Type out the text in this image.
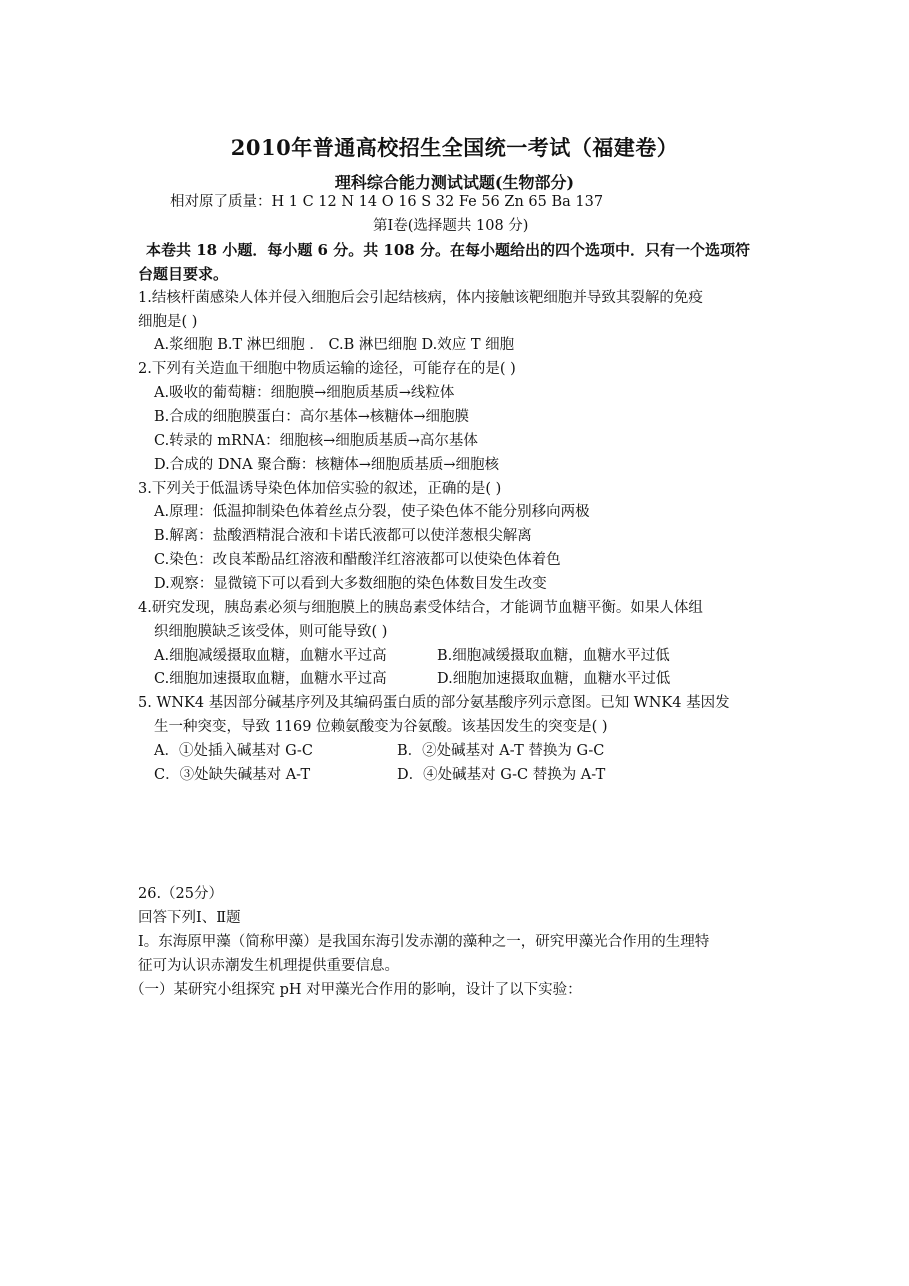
2010年普通高校招生全国统一考试（福建卷）
理科综合能力测试试题(生物部分)
相对原了质量：H 1 C 12 N 14 O 16 S 32 Fe 56 Zn 65 Ba 137
第Ⅰ卷(选择题共 108 分)
本卷共 18 小题．每小题 6 分。共 108 分。在每小题给出的四个选项中．只有一个选项符
台题目要求。
1.结核杆菌感染人体并侵入细胞后会引起结核病，体内接触该靶细胞并导致其裂解的免疫
细胞是( )
A.浆细胞 B.T 淋巴细胞 ． C.B 淋巴细胞 D.效应 T 细胞
2.下列有关造血干细胞中物质运输的途径，可能存在的是( )
A.吸收的葡萄糖：细胞膜→细胞质基质→线粒体
B.合成的细胞膜蛋白：高尔基体→核糖体→细胞膜
C.转录的 mRNA：细胞核→细胞质基质→高尔基体
D.合成的 DNA 聚合酶：核糖体→细胞质基质→细胞核
3.下列关于低温诱导染色体加倍实验的叙述，正确的是( )
A.原理：低温抑制染色体着丝点分裂，使子染色体不能分别移向两极
B.解离：盐酸酒精混合液和卡诺氏液都可以使洋葱根尖解离
C.染色：改良苯酚品红溶液和醋酸洋红溶液都可以使染色体着色
D.观察：显微镜下可以看到大多数细胞的染色体数目发生改变
4.研究发现，胰岛素必须与细胞膜上的胰岛素受体结合，才能调节血糖平衡。如果人体组
织细胞膜缺乏该受体，则可能导致( )
A.细胞减缓摄取血糖，血糖水平过高	B.细胞减缓摄取血糖，血糖水平过低
C.细胞加速摄取血糖，血糖水平过高	D.细胞加速摄取血糖，血糖水平过低
5. WNK4 基因部分碱基序列及其编码蛋白质的部分氨基酸序列示意图。已知 WNK4 基因发
生一种突变，导致 1169 位赖氨酸变为谷氨酸。该基因发生的突变是( )
A．①处插入碱基对 G-C	B．②处碱基对 A-T 替换为 G-C
C．③处缺失碱基对 A-T	D．④处碱基对 G-C 替换为 A-T
26.（25分）
回答下列Ⅰ、Ⅱ题
Ⅰ。东海原甲藻（简称甲藻）是我国东海引发赤潮的藻种之一，研究甲藻光合作用的生理特
征可为认识赤潮发生机理提供重要信息。
（一）某研究小组探究 pH 对甲藻光合作用的影响，设计了以下实验：
